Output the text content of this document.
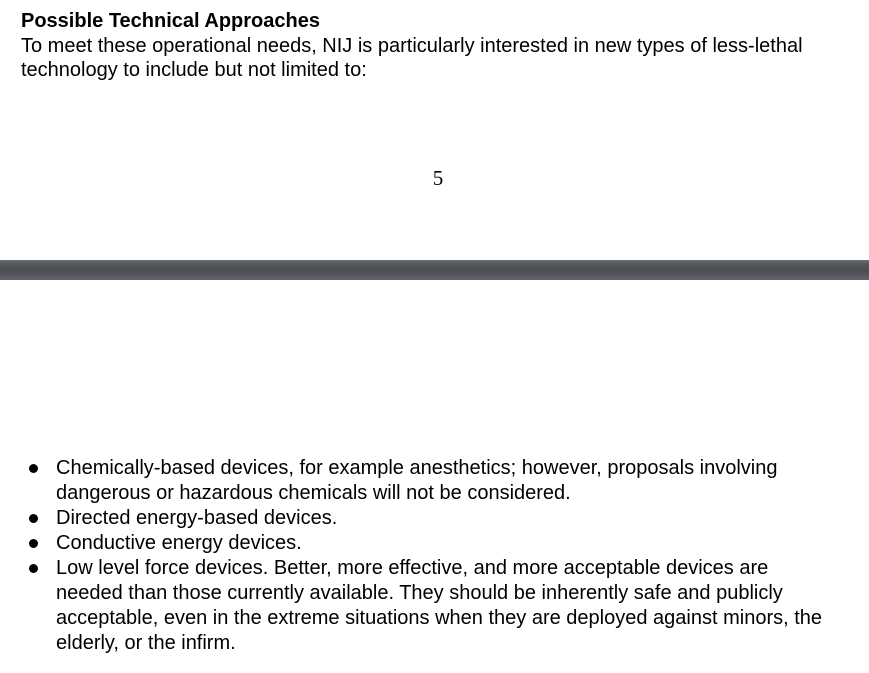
Possible Technical Approaches
To meet these operational needs, NIJ is particularly interested in new types of less-lethal technology to include but not limited to:
5
Chemically-based devices, for example anesthetics; however, proposals involving dangerous or hazardous chemicals will not be considered.
Directed energy-based devices.
Conductive energy devices.
Low level force devices. Better, more effective, and more acceptable devices are needed than those currently available. They should be inherently safe and publicly acceptable, even in the extreme situations when they are deployed against minors, the elderly, or the infirm.
